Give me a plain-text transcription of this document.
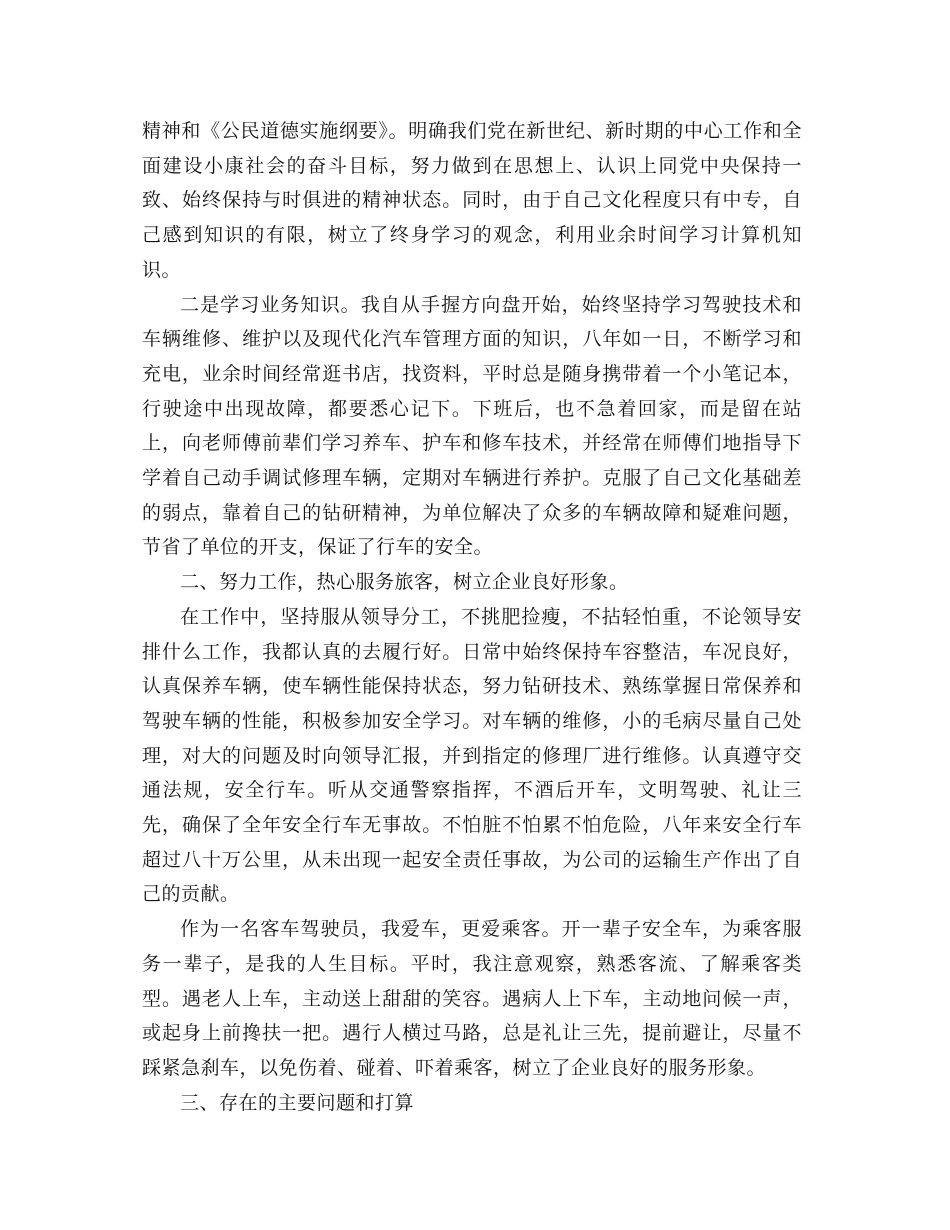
精神和《公民道德实施纲要》。明确我们党在新世纪、新时期的中心工作和全面建设小康社会的奋斗目标，努力做到在思想上、认识上同党中央保持一致、始终保持与时俱进的精神状态。同时，由于自己文化程度只有中专，自己感到知识的有限，树立了终身学习的观念，利用业余时间学习计算机知识。

二是学习业务知识。我自从手握方向盘开始，始终坚持学习驾驶技术和车辆维修、维护以及现代化汽车管理方面的知识，八年如一日，不断学习和充电，业余时间经常逛书店，找资料，平时总是随身携带着一个小笔记本，行驶途中出现故障，都要悉心记下。下班后，也不急着回家，而是留在站上，向老师傅前辈们学习养车、护车和修车技术，并经常在师傅们地指导下学着自己动手调试修理车辆，定期对车辆进行养护。克服了自己文化基础差的弱点，靠着自己的钻研精神，为单位解决了众多的车辆故障和疑难问题，节省了单位的开支，保证了行车的安全。

二、努力工作，热心服务旅客，树立企业良好形象。

在工作中，坚持服从领导分工，不挑肥捡瘦，不拈轻怕重，不论领导安排什么工作，我都认真的去履行好。日常中始终保持车容整洁，车况良好，认真保养车辆，使车辆性能保持状态，努力钻研技术、熟练掌握日常保养和驾驶车辆的性能，积极参加安全学习。对车辆的维修，小的毛病尽量自己处理，对大的问题及时向领导汇报，并到指定的修理厂进行维修。认真遵守交通法规，安全行车。听从交通警察指挥，不酒后开车，文明驾驶、礼让三先，确保了全年安全行车无事故。不怕脏不怕累不怕危险，八年来安全行车超过八十万公里，从未出现一起安全责任事故，为公司的运输生产作出了自己的贡献。

作为一名客车驾驶员，我爱车，更爱乘客。开一辈子安全车，为乘客服务一辈子，是我的人生目标。平时，我注意观察，熟悉客流、了解乘客类型。遇老人上车，主动送上甜甜的笑容。遇病人上下车，主动地问候一声，或起身上前搀扶一把。遇行人横过马路，总是礼让三先，提前避让，尽量不踩紧急刹车，以免伤着、碰着、吓着乘客，树立了企业良好的服务形象。

三、存在的主要问题和打算
